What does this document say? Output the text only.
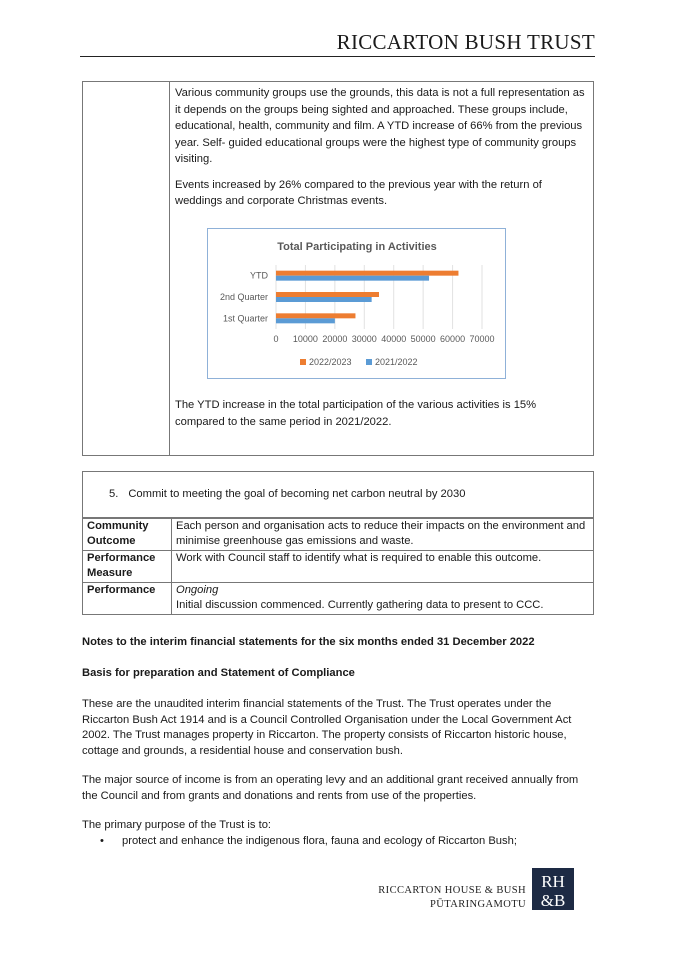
RICCARTON BUSH TRUST

Various community groups use the grounds, this data is not a full representation as it depends on the groups being sighted and approached. These groups include, educational, health, community and film. A YTD increase of 66% from the previous year. Self- guided educational groups were the highest type of community groups visiting.

Events increased by 26% compared to the previous year with the return of weddings and corporate Christmas events.

The YTD increase in the total participation of the various activities is 15% compared to the same period in 2021/2022.
Total Participating in Activities
0 10000 20000 30000 40000 50000 60000 70000
1st Quarter
2nd Quarter
YTD
2022/2023	2021/2022
5. Commit to meeting the goal of becoming net carbon neutral by 2030
Community Outcome	Each person and organisation acts to reduce their impacts on the environment and minimise greenhouse gas emissions and waste.
Performance Measure	Work with Council staff to identify what is required to enable this outcome.
Performance	Ongoing
Initial discussion commenced. Currently gathering data to present to CCC.
Notes to the interim financial statements for the six months ended 31 December 2022
Basis for preparation and Statement of Compliance
These are the unaudited interim financial statements of the Trust. The Trust operates under the Riccarton Bush Act 1914 and is a Council Controlled Organisation under the Local Government Act 2002. The Trust manages property in Riccarton. The property consists of Riccarton historic house, cottage and grounds, a residential house and conservation bush.
The major source of income is from an operating levy and an additional grant received annually from the Council and from grants and donations and rents from use of the properties.
The primary purpose of the Trust is to:
• protect and enhance the indigenous flora, fauna and ecology of Riccarton Bush;
RICCARTON HOUSE & BUSH
PŪTARINGAMOTU
RH
&B
